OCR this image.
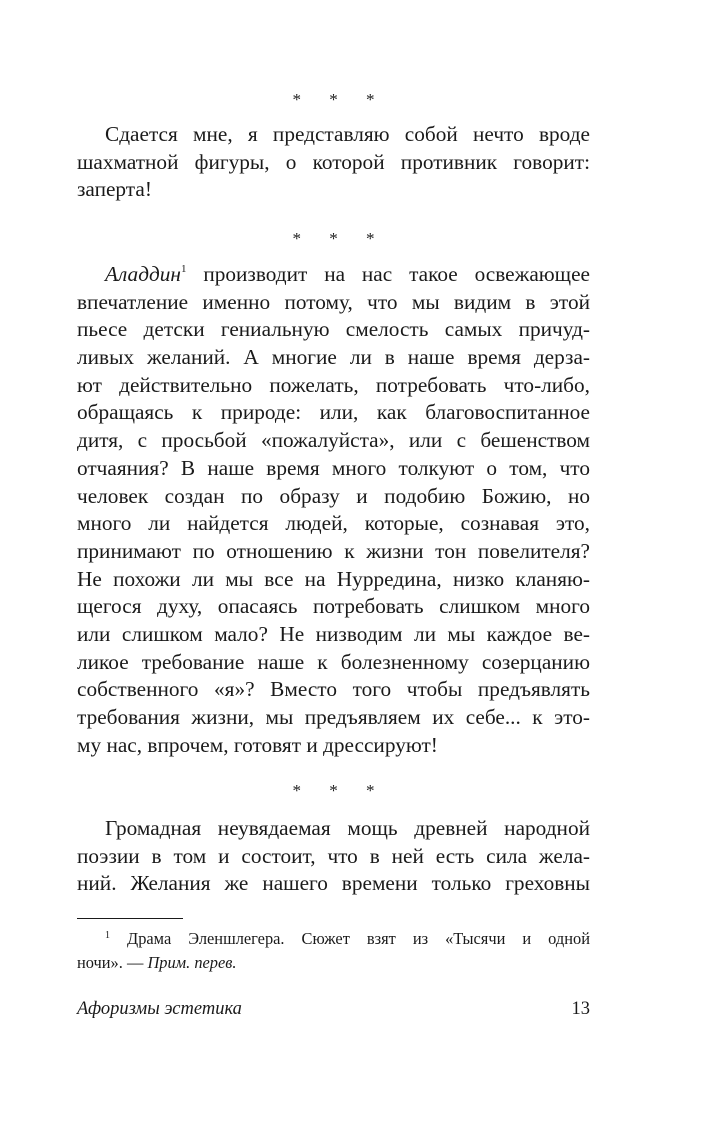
* * *

Сдается мне, я представляю собой нечто вроде
шахматной фигуры, о которой противник говорит:
заперта!

* * *

Аладдин$^1$ производит на нас такое освежающее
впечатление именно потому, что мы видим в этой
пьесе детски гениальную смелость самых причуд-
ливых желаний. А многие ли в наше время дерза-
ют действительно пожелать, потребовать что-либо,
обращаясь к природе: или, как благовоспитанное
дитя, с просьбой «пожалуйста», или с бешенством
отчаяния? В наше время много толкуют о том, что
человек создан по образу и подобию Божию, но
много ли найдется людей, которые, сознавая это,
принимают по отношению к жизни тон повелителя?
Не похожи ли мы все на Нурредина, низко кланяю-
щегося духу, опасаясь потребовать слишком много
или слишком мало? Не низводим ли мы каждое ве-
ликое требование наше к болезненному созерцанию
собственного «я»? Вместо того чтобы предъявлять
требования жизни, мы предъявляем их себе... к это-
му нас, впрочем, готовят и дрессируют!

* * *

Громадная неувядаемая мощь древней народной
поэзии в том и состоит, что в ней есть сила жела-
ний. Желания же нашего времени только греховны

$^1$ Драма Эленшлегера. Сюжет взят из «Тысячи и одной
ночи». — Прим. перев.
Афоризмы эстетика	13
